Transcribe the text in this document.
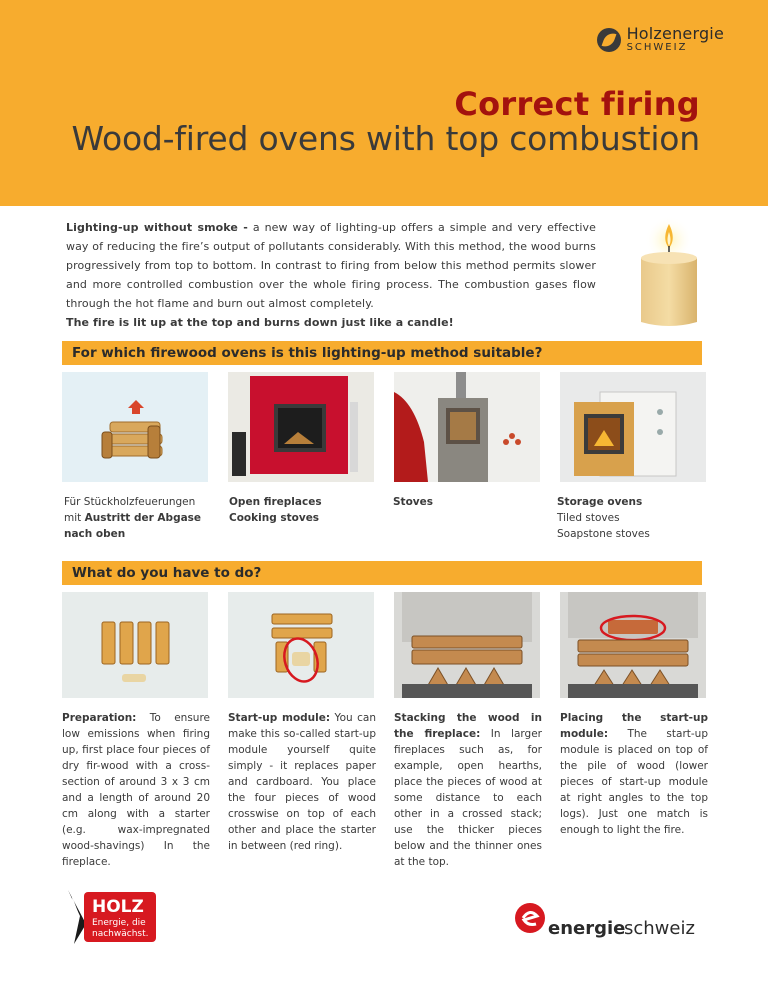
Holzenergie
SCHWEIZ
Correct firing
Wood-fired ovens with top combustion
Lighting-up without smoke - a new way of lighting-up offers a simple and very effective way of reducing the fire’s output of pollutants considerably. With this method, the wood burns progressively from top to bottom. In contrast to firing from below this method permits slower and more controlled combustion over the whole firing process. The combustion gases flow through the hot flame and burn out almost completely.
The fire is lit up at the top and burns down just like a candle!
For which firewood ovens is this lighting-up method suitable?
Für Stückholzfeuerungen
mit Austritt der Abgase
nach oben
Open fireplaces
Cooking stoves
Stoves	Storage ovens
Tiled stoves
Soapstone stoves
What do you have to do?
Preparation: To ensure low emissions when firing up, first place four pieces of dry fir-wood with a cross-section of around 3 x 3 cm and a length of around 20 cm along with a starter (e.g. wax-impregnated wood-shavings) In the fireplace.
Start-up module: You can make this so-called start-up module yourself quite simply - it replaces paper and cardboard. You place the four pieces of wood crosswise on top of each other and place the starter in between (red ring).
Stacking the wood in the fireplace: In larger fireplaces such as, for example, open hearths, place the pieces of wood at some distance to each other in a crossed stack; use the thicker pieces below and the thinner ones at the top.
Placing the start-up module: The start-up module is placed on top of the pile of wood (lower pieces of start-up module at right angles to the top logs). Just one match is enough to light the fire.
HOLZ
Energie, die
nachwächst.	energie
schweiz
